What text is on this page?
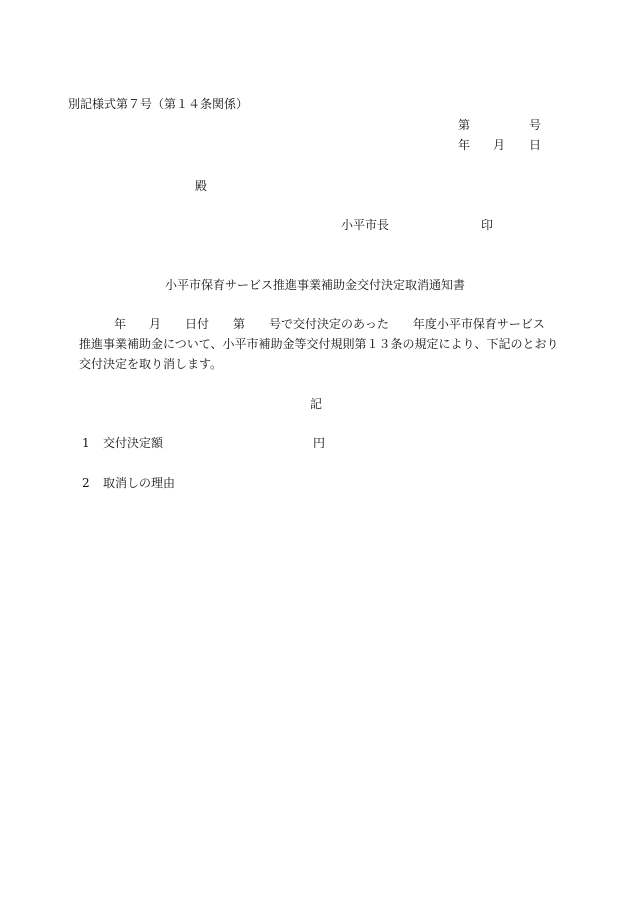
別記様式第７号（第１４条関係）
第	号
年 月 日
殿
小平市長	印
小平市保育サービス推進事業補助金交付決定取消通知書
年 月 日付 第 号で交付決定のあった　　年度小平市保育サービス
推進事業補助金について、小平市補助金等交付規則第１３条の規定により、下記のとおり
交付決定を取り消します。
記
1 交付決定額	円
2 取消しの理由
